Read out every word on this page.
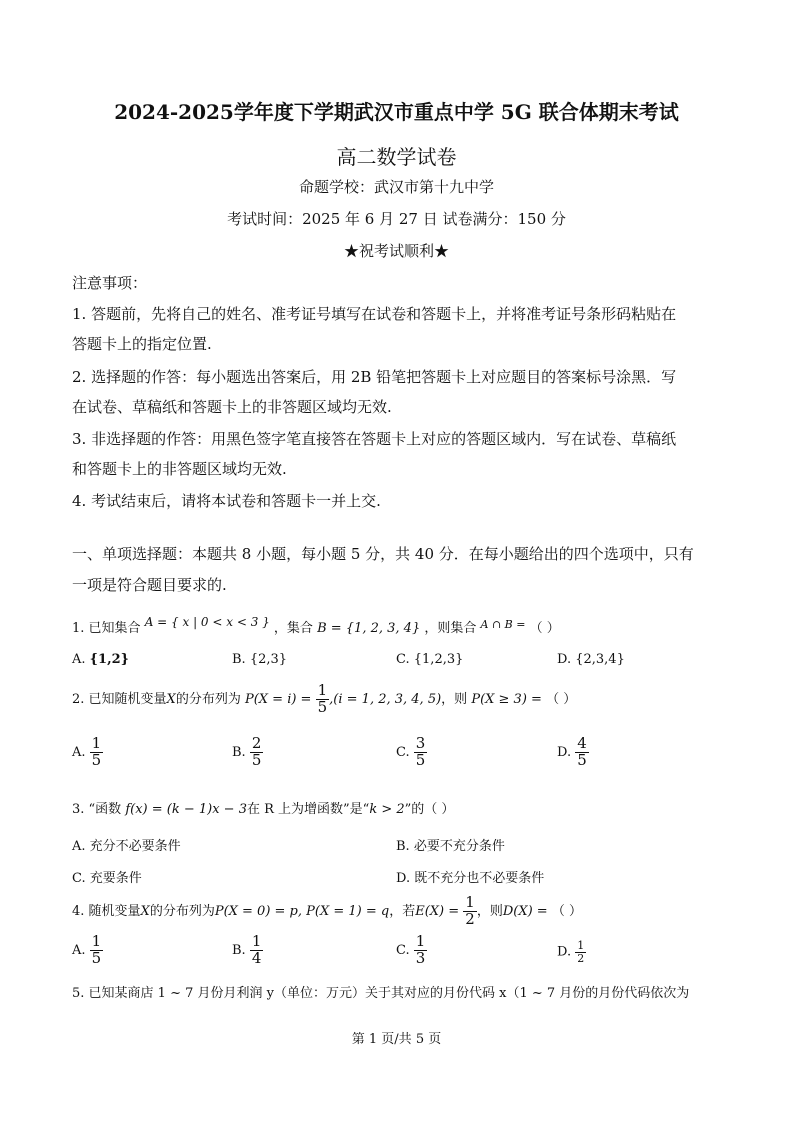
2024-2025学年度下学期武汉市重点中学 5G 联合体期末考试
高二数学试卷
命题学校：武汉市第十九中学
考试时间：2025 年 6 月 27 日 试卷满分：150 分
★祝考试顺利★
注意事项：
1. 答题前，先将自己的姓名、准考证号填写在试卷和答题卡上，并将准考证号条形码粘贴在
答题卡上的指定位置.
2. 选择题的作答：每小题选出答案后，用 2B 铅笔把答题卡上对应题目的答案标号涂黑．写
在试卷、草稿纸和答题卡上的非答题区域均无效.
3. 非选择题的作答：用黑色签字笔直接答在答题卡上对应的答题区域内．写在试卷、草稿纸
和答题卡上的非答题区域均无效.
4. 考试结束后，请将本试卷和答题卡一并上交.
一、单项选择题：本题共 8 小题，每小题 5 分，共 40 分．在每小题给出的四个选项中，只有
一项是符合题目要求的.
1. 已知集合 A = { x | 0 < x < 3 } ，集合 B = {1, 2, 3, 4} ，则集合 $^{A \cap B =}$ （ ）
A. {1,2}	B. {2,3}	C. {1,2,3}	D. {2,3,4}
2. 已知随机变量X的分布列为 $P(X = i) = \frac{1}{5} ,(i = 1$, 2, 3, 4, 5)，则 P(X ≥ 3) = （ ）
A. $\frac{1}{5}$	B. $\frac{2}{5}$	C. $\frac{3}{5}$	D. $\frac{4}{5}$
3. “函数 f(x) = (k − 1)x − 3在 R 上为增函数”是“k > 2”的（ ）
A. 充分不必要条件	B. 必要不充分条件
C. 充要条件	D. 既不充分也不必要条件
4. 随机变量X的分布列为P(X = 0) = p, P(X = 1) = q，若$E(X) = \frac{1}{2}$ ，则D(X) = （ ）
A. $\frac{1}{5}$	B. $\frac{1}{4}$	C. $\frac{1}{3}$	D. $\frac{1}{2}$
5. 已知某商店 1 ~ 7 月份月利润 y（单位：万元）关于其对应的月份代码 x（1 ~ 7 月份的月份代码依次为
第 1 页/共 5 页
